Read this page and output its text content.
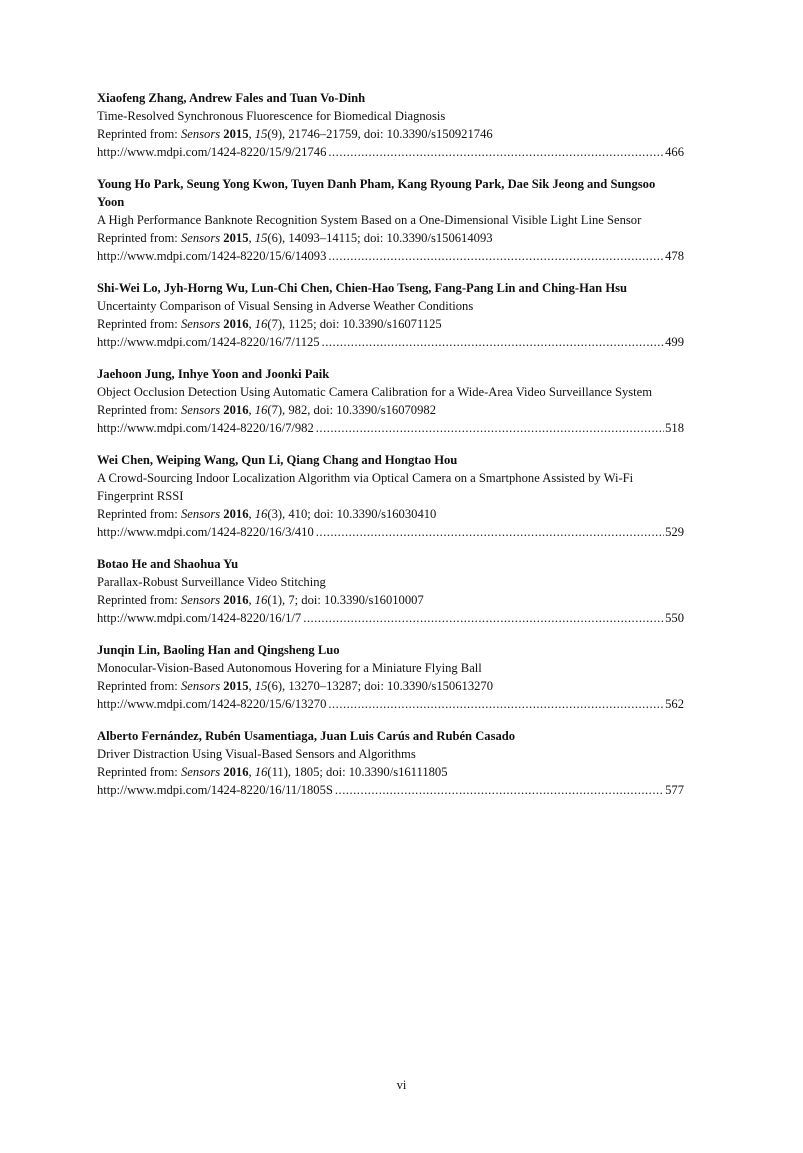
Xiaofeng Zhang, Andrew Fales and Tuan Vo-Dinh
Time-Resolved Synchronous Fluorescence for Biomedical Diagnosis
Reprinted from: Sensors 2015, 15(9), 21746–21759, doi: 10.3390/s150921746
http://www.mdpi.com/1424-8220/15/9/21746 .....	466
Young Ho Park, Seung Yong Kwon, Tuyen Danh Pham, Kang Ryoung Park, Dae Sik Jeong and Sungsoo Yoon
A High Performance Banknote Recognition System Based on a One-Dimensional Visible Light Line Sensor
Reprinted from: Sensors 2015, 15(6), 14093–14115; doi: 10.3390/s150614093
http://www.mdpi.com/1424-8220/15/6/14093 .....	478
Shi-Wei Lo, Jyh-Horng Wu, Lun-Chi Chen, Chien-Hao Tseng, Fang-Pang Lin and Ching-Han Hsu
Uncertainty Comparison of Visual Sensing in Adverse Weather Conditions
Reprinted from: Sensors 2016, 16(7), 1125; doi: 10.3390/s16071125
http://www.mdpi.com/1424-8220/16/7/1125 .....	499
Jaehoon Jung, Inhye Yoon and Joonki Paik
Object Occlusion Detection Using Automatic Camera Calibration for a Wide-Area Video Surveillance System
Reprinted from: Sensors 2016, 16(7), 982, doi: 10.3390/s16070982
http://www.mdpi.com/1424-8220/16/7/982 .....	518
Wei Chen, Weiping Wang, Qun Li, Qiang Chang and Hongtao Hou
A Crowd-Sourcing Indoor Localization Algorithm via Optical Camera on a Smartphone Assisted by Wi-Fi Fingerprint RSSI
Reprinted from: Sensors 2016, 16(3), 410; doi: 10.3390/s16030410
http://www.mdpi.com/1424-8220/16/3/410 .....	529
Botao He and Shaohua Yu
Parallax-Robust Surveillance Video Stitching
Reprinted from: Sensors 2016, 16(1), 7; doi: 10.3390/s16010007
http://www.mdpi.com/1424-8220/16/1/7 .....	550
Junqin Lin, Baoling Han and Qingsheng Luo
Monocular-Vision-Based Autonomous Hovering for a Miniature Flying Ball
Reprinted from: Sensors 2015, 15(6), 13270–13287; doi: 10.3390/s150613270
http://www.mdpi.com/1424-8220/15/6/13270 .....	562
Alberto Fernández, Rubén Usamentiaga, Juan Luis Carús and Rubén Casado
Driver Distraction Using Visual-Based Sensors and Algorithms
Reprinted from: Sensors 2016, 16(11), 1805; doi: 10.3390/s16111805
http://www.mdpi.com/1424-8220/16/11/1805S .....	577
vi
